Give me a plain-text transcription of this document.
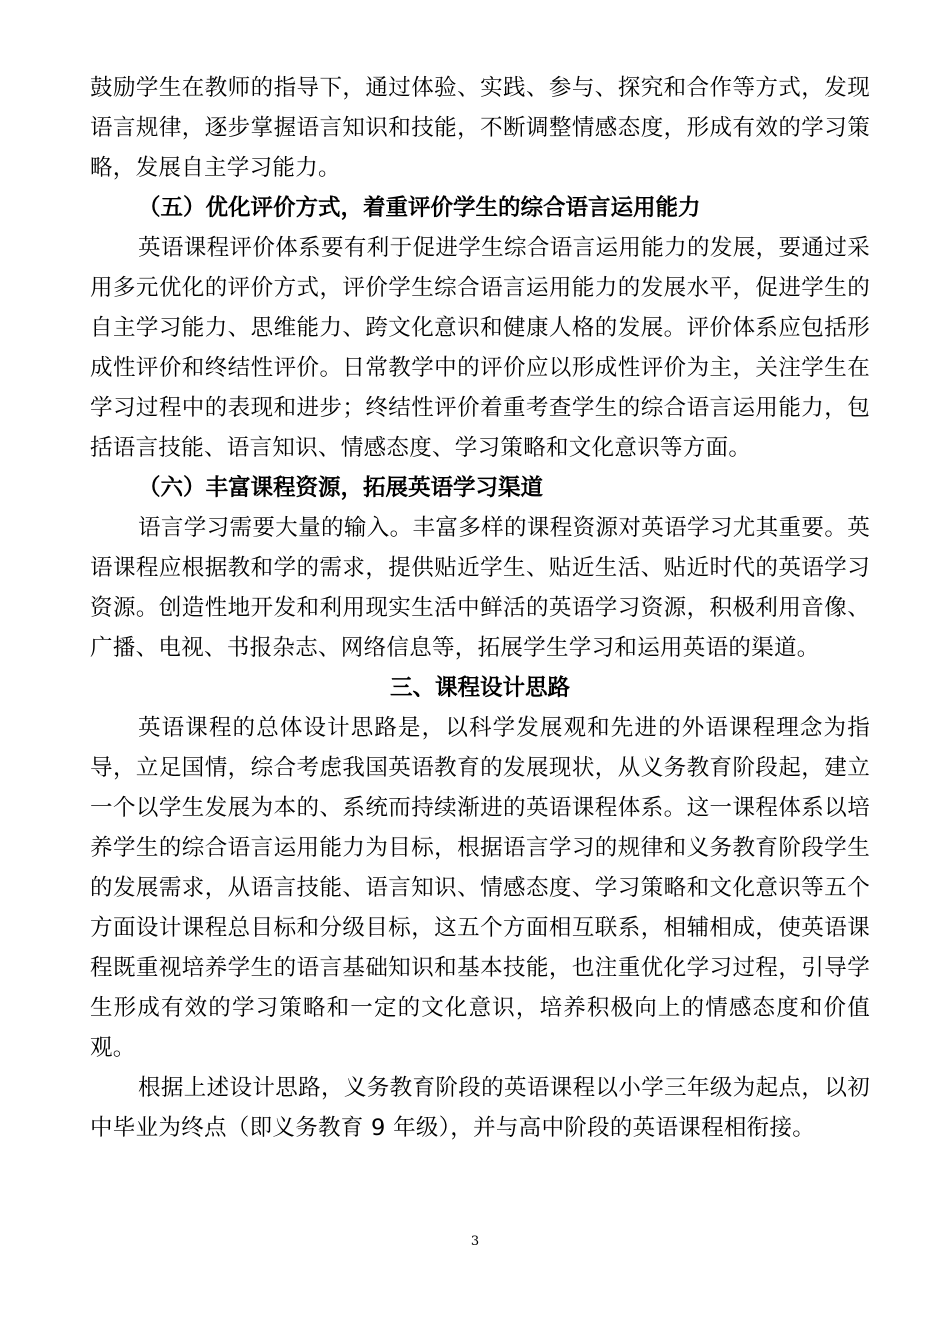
鼓励学生在教师的指导下，通过体验、实践、参与、探究和合作等方式，发现语言规律，逐步掌握语言知识和技能，不断调整情感态度，形成有效的学习策略，发展自主学习能力。

（五）优化评价方式，着重评价学生的综合语言运用能力

英语课程评价体系要有利于促进学生综合语言运用能力的发展，要通过采用多元优化的评价方式，评价学生综合语言运用能力的发展水平，促进学生的自主学习能力、思维能力、跨文化意识和健康人格的发展。评价体系应包括形成性评价和终结性评价。日常教学中的评价应以形成性评价为主，关注学生在学习过程中的表现和进步；终结性评价着重考查学生的综合语言运用能力，包括语言技能、语言知识、情感态度、学习策略和文化意识等方面。

（六）丰富课程资源，拓展英语学习渠道

语言学习需要大量的输入。丰富多样的课程资源对英语学习尤其重要。英语课程应根据教和学的需求，提供贴近学生、贴近生活、贴近时代的英语学习资源。创造性地开发和利用现实生活中鲜活的英语学习资源，积极利用音像、广播、电视、书报杂志、网络信息等，拓展学生学习和运用英语的渠道。

三、课程设计思路

英语课程的总体设计思路是，以科学发展观和先进的外语课程理念为指导，立足国情，综合考虑我国英语教育的发展现状，从义务教育阶段起，建立一个以学生发展为本的、系统而持续渐进的英语课程体系。这一课程体系以培养学生的综合语言运用能力为目标，根据语言学习的规律和义务教育阶段学生的发展需求，从语言技能、语言知识、情感态度、学习策略和文化意识等五个方面设计课程总目标和分级目标，这五个方面相互联系，相辅相成，使英语课程既重视培养学生的语言基础知识和基本技能，也注重优化学习过程，引导学生形成有效的学习策略和一定的文化意识，培养积极向上的情感态度和价值观。

根据上述设计思路，义务教育阶段的英语课程以小学三年级为起点，以初中毕业为终点（即义务教育 9 年级），并与高中阶段的英语课程相衔接。

3
